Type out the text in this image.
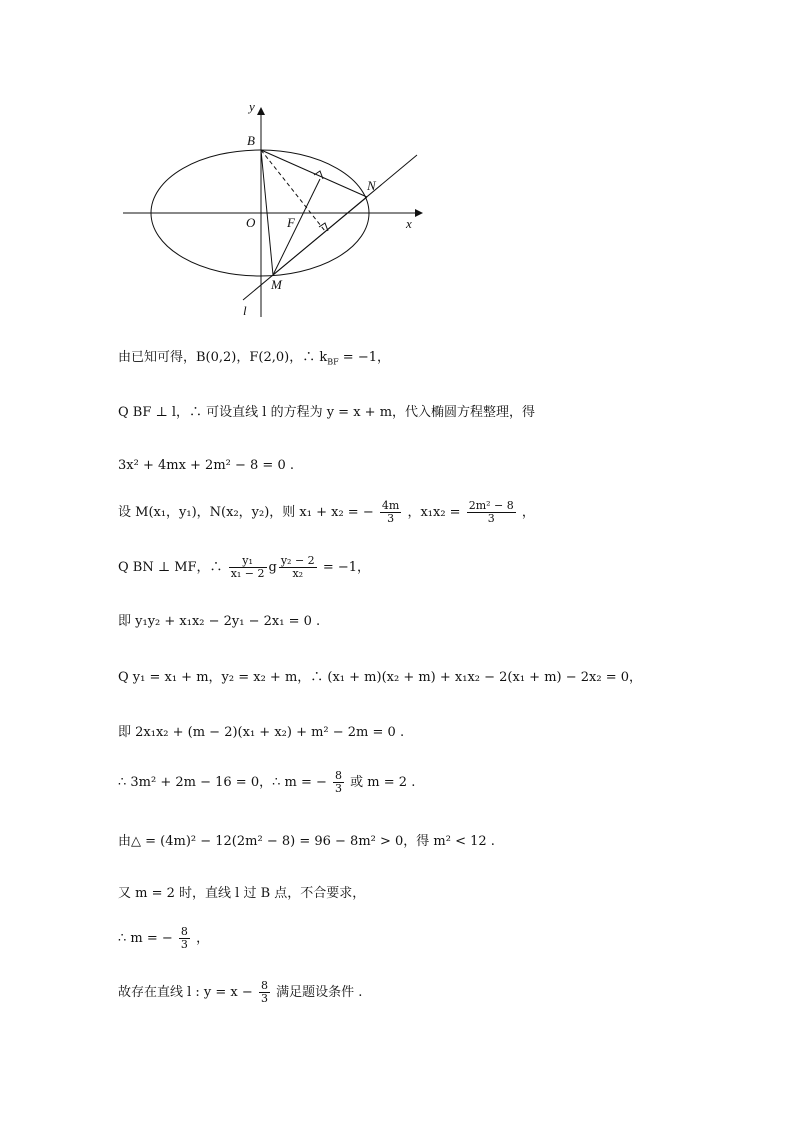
y
x
B
N
O F
M
l
由已知可得，B(0,2)，F(2,0)，∴ $k_{BF} = -1$，
Q BF ⊥ l，∴ 可设直线 l 的方程为 y = x + m，代入椭圆方程整理，得
3x² + 4mx + 2m² − 8 = 0 .
设 M(x₁，y₁)，N(x₂，y₂)，则 x₁ + x₂ = − $\frac{4m}{3}$ ，$x_1x_2 = \frac{\text{2m² − 8}}{3}$ ，
Q BN ⊥ MF，∴ $\frac{\text{y₁}}{\text{x₁ − 2}}$ g $\frac{\text{y₂ − 2}}{\text{x₂}} = -1$，
即 y₁y₂ + x₁x₂ − 2y₁ − 2x₁ = 0 .
Q y₁ = x₁ + m，y₂ = x₂ + m，∴ (x₁ + m)(x₂ + m) + x₁x₂ − 2(x₁ + m) − 2x₂ = 0，
即 2x₁x₂ + (m − 2)(x₁ + x₂) + m² − 2m = 0 .
∴ 3m² + 2m − 16 = 0，∴ m = − $\frac{8}{3}$ 或 m = 2 .
由△ = (4m)² − 12(2m² − 8) = 96 − 8m² > 0，得 m² < 12 .
又 m = 2 时，直线 l 过 B 点，不合要求，
∴ m = − $\frac{8}{3}$ ，
故存在直线 l : $y = x - \frac{8}{3}$ 满足题设条件 .
